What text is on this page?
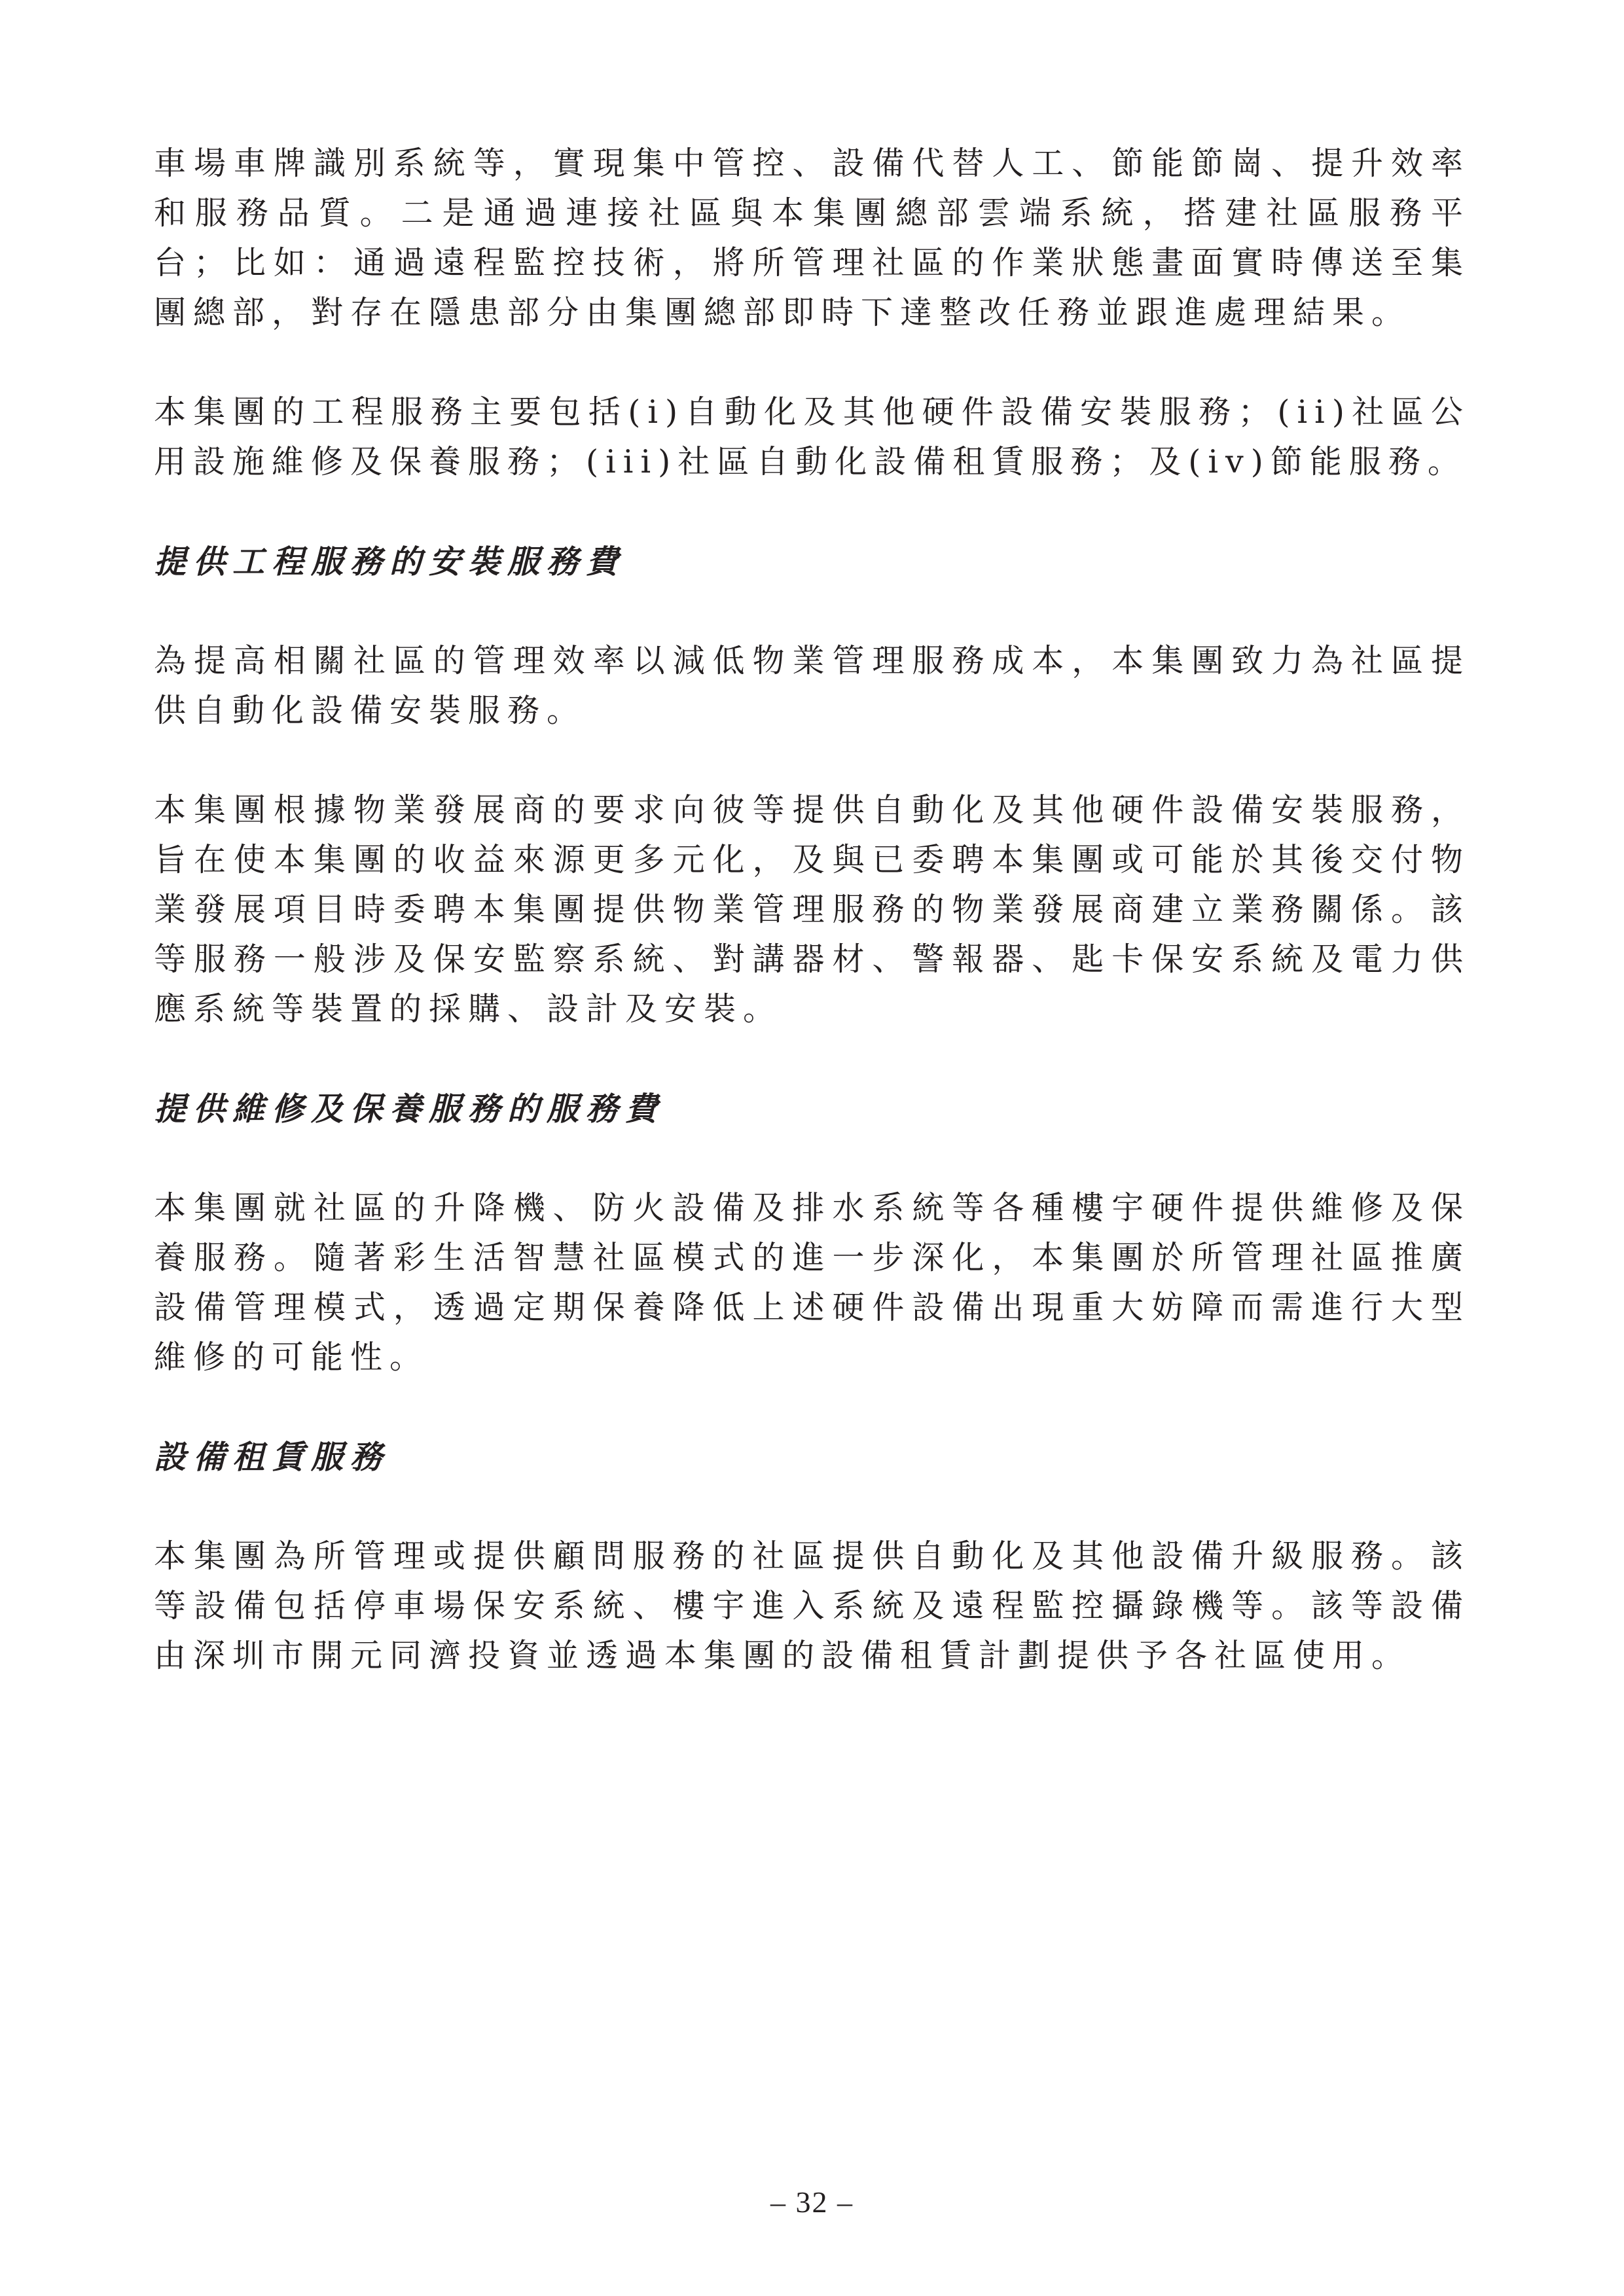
車場車牌識別系統等，實現集中管控、設備代替人工、節能節崗、提升效率和服務品質。二是通過連接社區與本集團總部雲端系統，搭建社區服務平台；比如：通過遠程監控技術，將所管理社區的作業狀態畫面實時傳送至集團總部，對存在隱患部分由集團總部即時下達整改任務並跟進處理結果。

本集團的工程服務主要包括(i)自動化及其他硬件設備安裝服務；(ii)社區公用設施維修及保養服務；(iii)社區自動化設備租賃服務；及(iv)節能服務。

提供工程服務的安裝服務費

為提高相關社區的管理效率以減低物業管理服務成本，本集團致力為社區提供自動化設備安裝服務。

本集團根據物業發展商的要求向彼等提供自動化及其他硬件設備安裝服務，旨在使本集團的收益來源更多元化，及與已委聘本集團或可能於其後交付物業發展項目時委聘本集團提供物業管理服務的物業發展商建立業務關係。該等服務一般涉及保安監察系統、對講器材、警報器、匙卡保安系統及電力供應系統等裝置的採購、設計及安裝。

提供維修及保養服務的服務費

本集團就社區的升降機、防火設備及排水系統等各種樓宇硬件提供維修及保養服務。隨著彩生活智慧社區模式的進一步深化，本集團於所管理社區推廣設備管理模式，透過定期保養降低上述硬件設備出現重大妨障而需進行大型維修的可能性。

設備租賃服務

本集團為所管理或提供顧問服務的社區提供自動化及其他設備升級服務。該等設備包括停車場保安系統、樓宇進入系統及遠程監控攝錄機等。該等設備由深圳市開元同濟投資並透過本集團的設備租賃計劃提供予各社區使用。

– 32 –
